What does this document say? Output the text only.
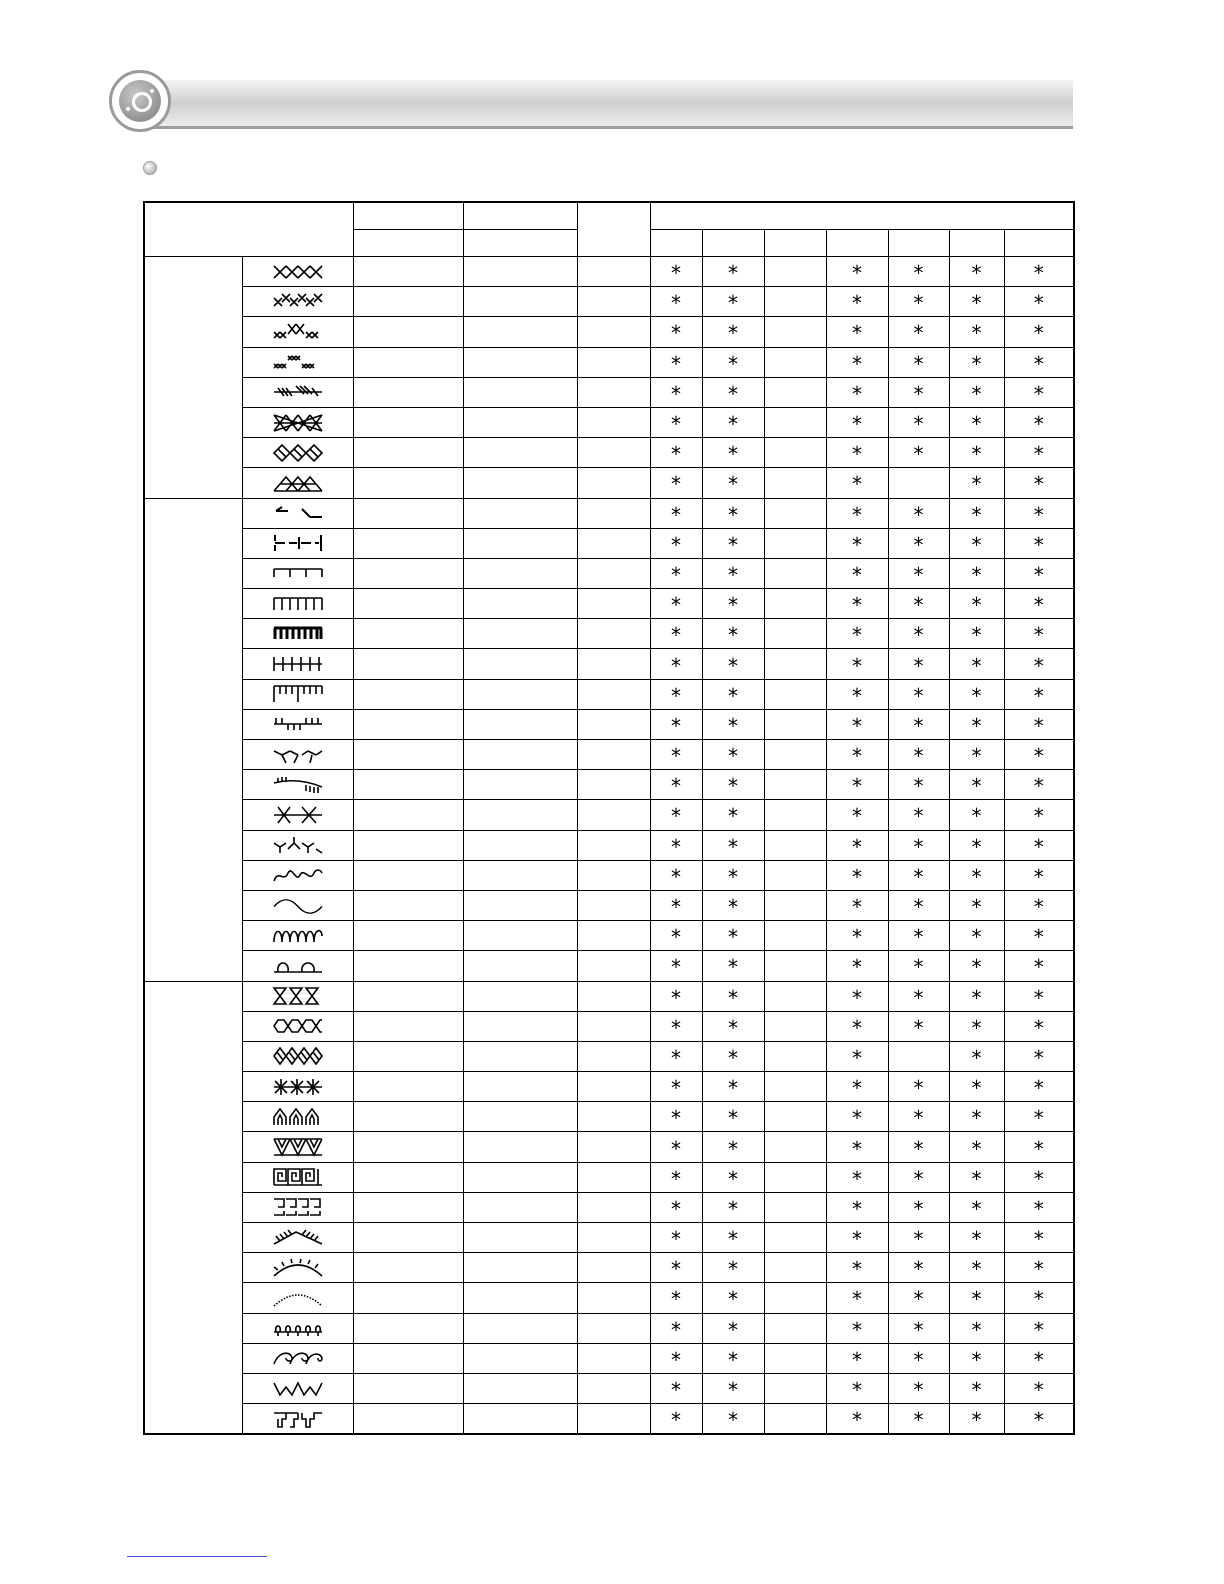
				*	*		*	*	*	*

				*	*		*	*	*	*

				*	*		*	*	*	*

				*	*		*	*	*	*

				*	*		*	*	*	*

				*	*		*	*	*	*

				*	*		*	*	*	*

				*	*		*		*	*

				*	*		*	*	*	*

				*	*		*	*	*	*

				*	*		*	*	*	*

				*	*		*	*	*	*

				*	*		*	*	*	*

				*	*		*	*	*	*

				*	*		*	*	*	*

				*	*		*	*	*	*

				*	*		*	*	*	*

				*	*		*	*	*	*

				*	*		*	*	*	*

				*	*		*	*	*	*

				*	*		*	*	*	*

				*	*		*	*	*	*

				*	*		*	*	*	*

				*	*		*	*	*	*

				*	*		*	*	*	*

				*	*		*	*	*	*

				*	*		*		*	*

				*	*		*	*	*	*

				*	*		*	*	*	*

				*	*		*	*	*	*

				*	*		*	*	*	*

				*	*		*	*	*	*

				*	*		*	*	*	*

				*	*		*	*	*	*

				*	*		*	*	*	*

				*	*		*	*	*	*

				*	*		*	*	*	*

				*	*		*	*	*	*

				*	*		*	*	*	*
